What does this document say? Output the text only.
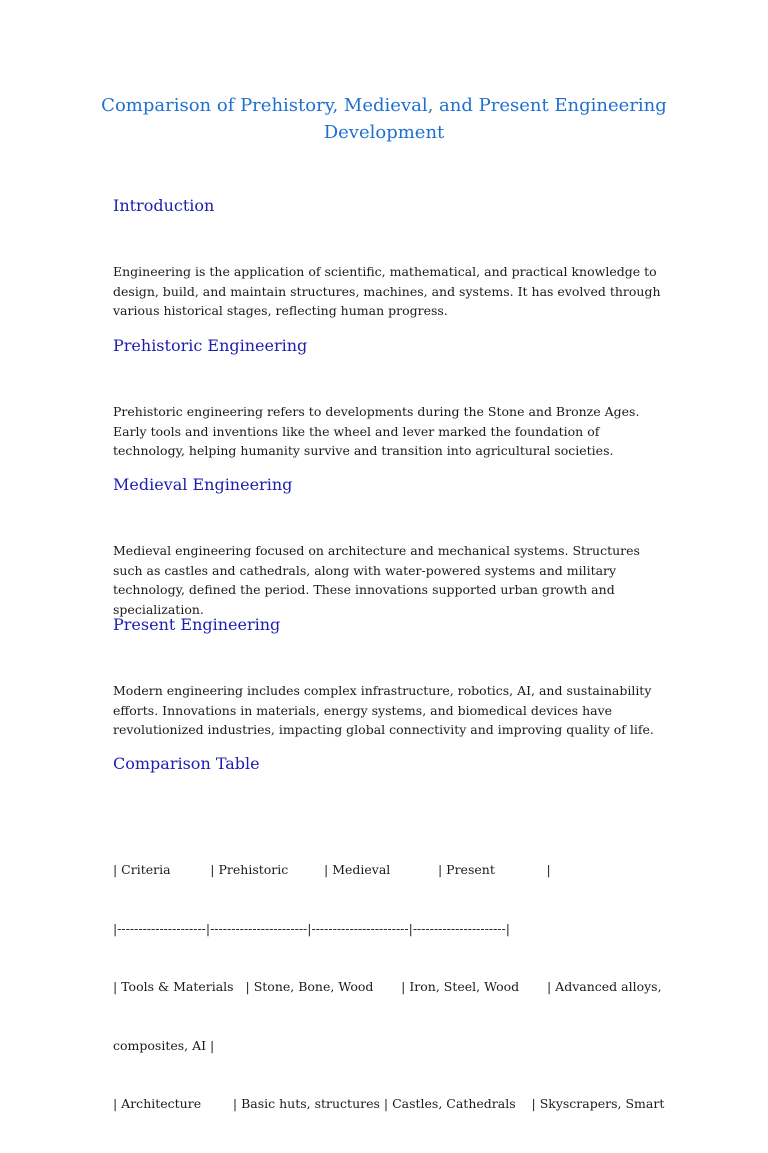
Comparison of Prehistory, Medieval, and Present Engineering Development
Introduction

Engineering is the application of scientific, mathematical, and practical knowledge to design, build, and maintain structures, machines, and systems. It has evolved through various historical stages, reflecting human progress.

Prehistoric Engineering

Prehistoric engineering refers to developments during the Stone and Bronze Ages. Early tools and inventions like the wheel and lever marked the foundation of technology, helping humanity survive and transition into agricultural societies.

Medieval Engineering

Medieval engineering focused on architecture and mechanical systems. Structures such as castles and cathedrals, along with water-powered systems and military technology, defined the period. These innovations supported urban growth and specialization.

Present Engineering

Modern engineering includes complex infrastructure, robotics, AI, and sustainability efforts. Innovations in materials, energy systems, and biomedical devices have revolutionized industries, impacting global connectivity and improving quality of life.

Comparison Table

| Criteria          | Prehistoric         | Medieval            | Present             |

|---------------------|-----------------------|-----------------------|----------------------|

| Tools & Materials   | Stone, Bone, Wood       | Iron, Steel, Wood       | Advanced alloys,

composites, AI |

| Architecture        | Basic huts, structures | Castles, Cathedrals    | Skyscrapers, Smart
